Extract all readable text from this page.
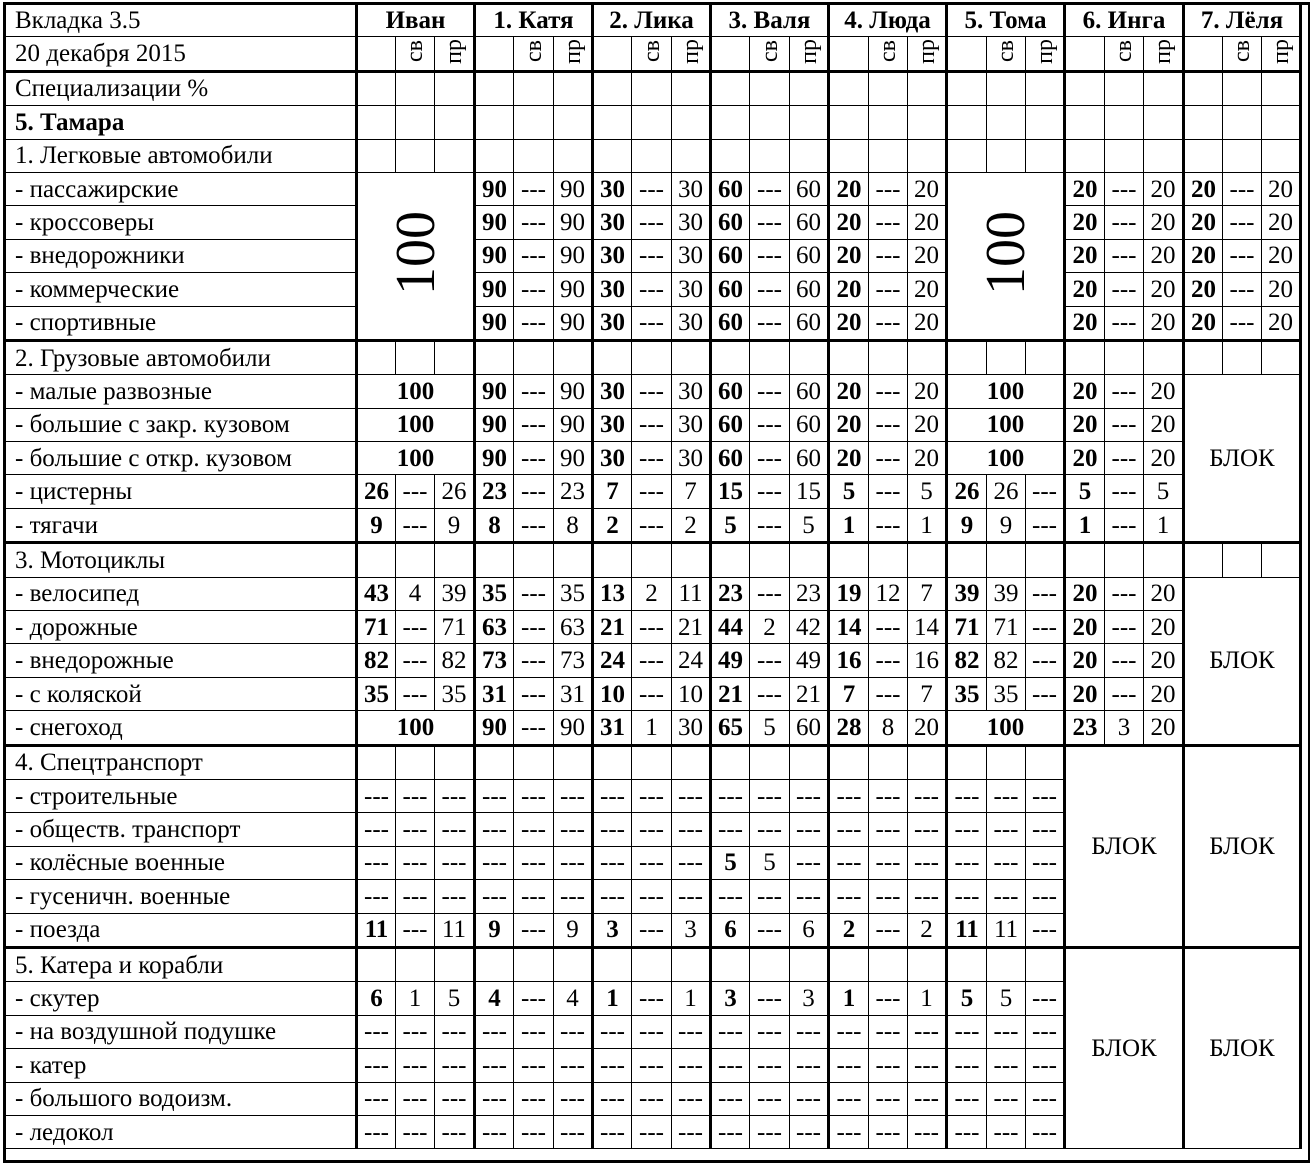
Вкладка 3.5	Иван			1. Катя			2. Лика			3. Валя			4. Люда			5. Тома			6. Инга			7. Лёля		
20 декабря 2015		св	пр		св	пр		св	пр		св	пр		св	пр		св	пр		св	пр		св	пр
Специализации %																								
5. Тамара																								
1. Легковые автомобили																								
- пассажирские	100			90	---	90	30	---	30	60	---	60	20	---	20	100			20	---	20	20	---	20
- кроссоверы				90	---	90	30	---	30	60	---	60	20	---	20				20	---	20	20	---	20
- внедорожники				90	---	90	30	---	30	60	---	60	20	---	20				20	---	20	20	---	20
- коммерческие				90	---	90	30	---	30	60	---	60	20	---	20				20	---	20	20	---	20
- спортивные				90	---	90	30	---	30	60	---	60	20	---	20				20	---	20	20	---	20
2. Грузовые автомобили																								
- малые развозные	100			90	---	90	30	---	30	60	---	60	20	---	20	100			20	---	20	БЛОК		
- большие с закр. кузовом	100			90	---	90	30	---	30	60	---	60	20	---	20	100			20	---	20			
- большие с откр. кузовом	100			90	---	90	30	---	30	60	---	60	20	---	20	100			20	---	20			
- цистерны	26	---	26	23	---	23	7	---	7	15	---	15	5	---	5	26	26	---	5	---	5			
- тягачи	9	---	9	8	---	8	2	---	2	5	---	5	1	---	1	9	9	---	1	---	1			
3. Мотоциклы																								
- велосипед	43	4	39	35	---	35	13	2	11	23	---	23	19	12	7	39	39	---	20	---	20	БЛОК		
- дорожные	71	---	71	63	---	63	21	---	21	44	2	42	14	---	14	71	71	---	20	---	20			
- внедорожные	82	---	82	73	---	73	24	---	24	49	---	49	16	---	16	82	82	---	20	---	20			
- с коляской	35	---	35	31	---	31	10	---	10	21	---	21	7	---	7	35	35	---	20	---	20			
- снегоход	100			90	---	90	31	1	30	65	5	60	28	8	20	100			23	3	20			
4. Спецтранспорт																			БЛОК			БЛОК		
- строительные	---	---	---	---	---	---	---	---	---	---	---	---	---	---	---	---	---	---						
- обществ. транспорт	---	---	---	---	---	---	---	---	---	---	---	---	---	---	---	---	---	---						
- колёсные военные	---	---	---	---	---	---	---	---	---	5	5	---	---	---	---	---	---	---						
- гусеничн. военные	---	---	---	---	---	---	---	---	---	---	---	---	---	---	---	---	---	---						
- поезда	11	---	11	9	---	9	3	---	3	6	---	6	2	---	2	11	11	---						
5. Катера и корабли																			БЛОК			БЛОК		
- скутер	6	1	5	4	---	4	1	---	1	3	---	3	1	---	1	5	5	---						
- на воздушной подушке	---	---	---	---	---	---	---	---	---	---	---	---	---	---	---	---	---	---						
- катер	---	---	---	---	---	---	---	---	---	---	---	---	---	---	---	---	---	---						
- большого водоизм.	---	---	---	---	---	---	---	---	---	---	---	---	---	---	---	---	---	---						
- ледокол	---	---	---	---	---	---	---	---	---	---	---	---	---	---	---	---	---	---						
